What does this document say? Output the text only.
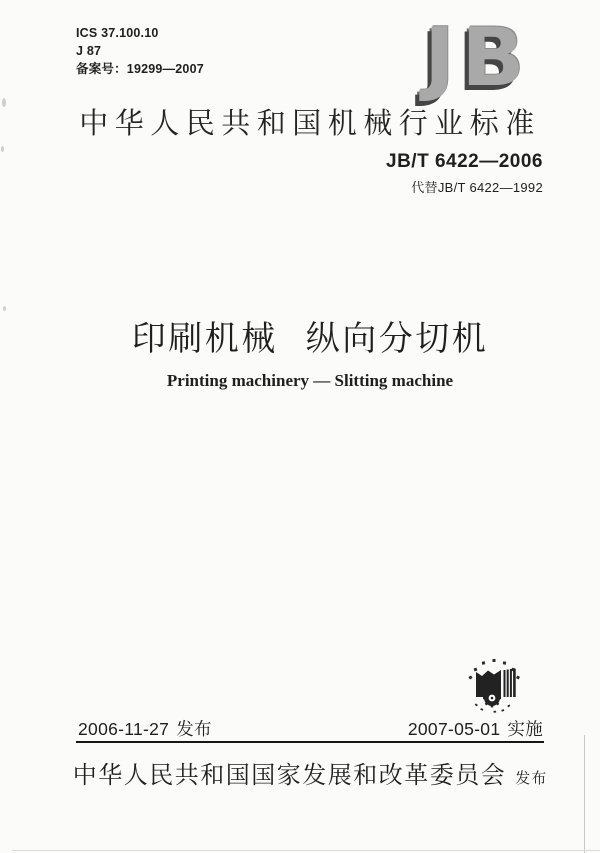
ICS 37.100.10
J 87
备案号：19299—2007	JB
中华人民共和国机械行业标准
JB/T 6422—2006
代替JB/T 6422—1992
印刷机械 纵向分切机
Printing machinery — Slitting machine
2006-11-27 发布	2007-05-01 实施
中华人民共和国国家发展和改革委员会 发布
